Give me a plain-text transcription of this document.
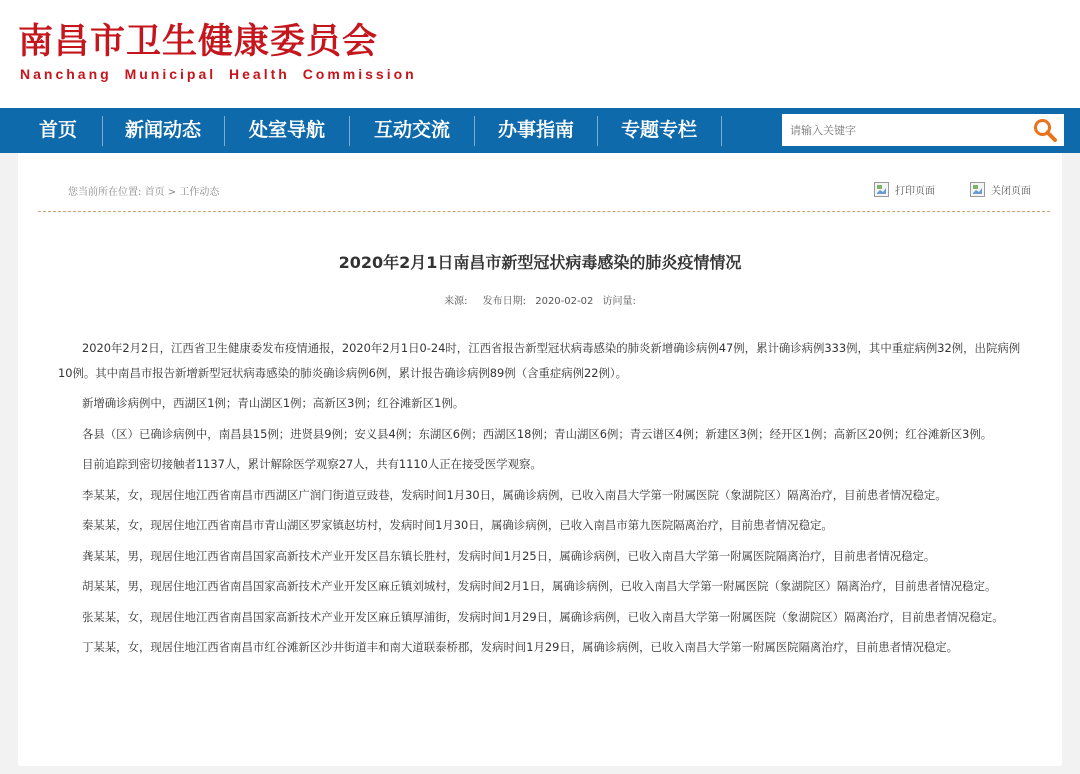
南昌市卫生健康委员会
Nanchang Municipal Health Commission
首页	新闻动态	处室导航	互动交流	办事指南	专题专栏
请输入关键字
您当前所在位置: 首页 > 工作动态	打印页面	关闭页面
2020年2月1日南昌市新型冠状病毒感染的肺炎疫情情况
来源: 发布日期: 2020-02-02 访问量:

2020年2月2日，江西省卫生健康委发布疫情通报，2020年2月1日0-24时，江西省报告新型冠状病毒感染的肺炎新增确诊病例47例，累计确诊病例333例，其中重症病例32例，出院病例10例。其中南昌市报告新增新型冠状病毒感染的肺炎确诊病例6例，累计报告确诊病例89例（含重症病例22例）。

新增确诊病例中，西湖区1例；青山湖区1例；高新区3例；红谷滩新区1例。

各县（区）已确诊病例中，南昌县15例；进贤县9例；安义县4例；东湖区6例；西湖区18例；青山湖区6例；青云谱区4例；新建区3例；经开区1例；高新区20例；红谷滩新区3例。

目前追踪到密切接触者1137人，累计解除医学观察27人，共有1110人正在接受医学观察。

李某某，女，现居住地江西省南昌市西湖区广润门街道豆豉巷，发病时间1月30日，属确诊病例，已收入南昌大学第一附属医院（象湖院区）隔离治疗，目前患者情况稳定。

秦某某，女，现居住地江西省南昌市青山湖区罗家镇赵坊村，发病时间1月30日，属确诊病例，已收入南昌市第九医院隔离治疗，目前患者情况稳定。

龚某某，男，现居住地江西省南昌国家高新技术产业开发区昌东镇长胜村，发病时间1月25日，属确诊病例，已收入南昌大学第一附属医院隔离治疗，目前患者情况稳定。

胡某某，男，现居住地江西省南昌国家高新技术产业开发区麻丘镇刘城村，发病时间2月1日，属确诊病例，已收入南昌大学第一附属医院（象湖院区）隔离治疗，目前患者情况稳定。

张某某，女，现居住地江西省南昌国家高新技术产业开发区麻丘镇厚浦街，发病时间1月29日，属确诊病例，已收入南昌大学第一附属医院（象湖院区）隔离治疗，目前患者情况稳定。

丁某某，女，现居住地江西省南昌市红谷滩新区沙井街道丰和南大道联泰桥郡，发病时间1月29日，属确诊病例，已收入南昌大学第一附属医院隔离治疗，目前患者情况稳定。
